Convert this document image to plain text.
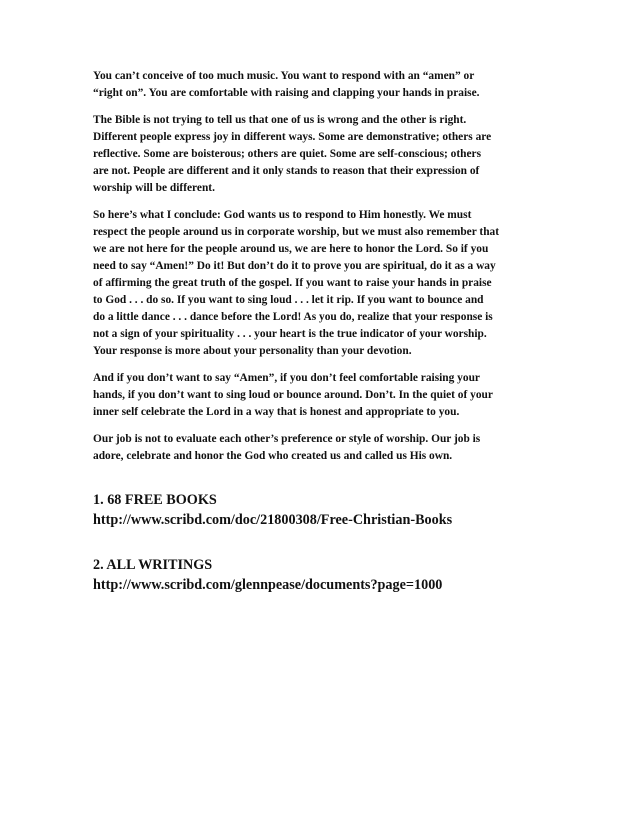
You can’t conceive of too much music. You want to respond with an “amen” or
“right on”. You are comfortable with raising and clapping your hands in praise.

The Bible is not trying to tell us that one of us is wrong and the other is right.
Different people express joy in different ways. Some are demonstrative; others are
reflective. Some are boisterous; others are quiet. Some are self-conscious; others
are not. People are different and it only stands to reason that their expression of
worship will be different.

So here’s what I conclude: God wants us to respond to Him honestly. We must
respect the people around us in corporate worship, but we must also remember that
we are not here for the people around us, we are here to honor the Lord. So if you
need to say “Amen!” Do it! But don’t do it to prove you are spiritual, do it as a way
of affirming the great truth of the gospel. If you want to raise your hands in praise
to God . . . do so. If you want to sing loud . . . let it rip. If you want to bounce and
do a little dance . . . dance before the Lord! As you do, realize that your response is
not a sign of your spirituality . . . your heart is the true indicator of your worship.
Your response is more about your personality than your devotion.

And if you don’t want to say “Amen”, if you don’t feel comfortable raising your
hands, if you don’t want to sing loud or bounce around. Don’t. In the quiet of your
inner self celebrate the Lord in a way that is honest and appropriate to you.

Our job is not to evaluate each other’s preference or style of worship. Our job is
adore, celebrate and honor the God who created us and called us His own.

1. 68 FREE BOOKS
http://www.scribd.com/doc/21800308/Free-Christian-Books
2. ALL WRITINGS
http://www.scribd.com/glennpease/documents?page=1000
